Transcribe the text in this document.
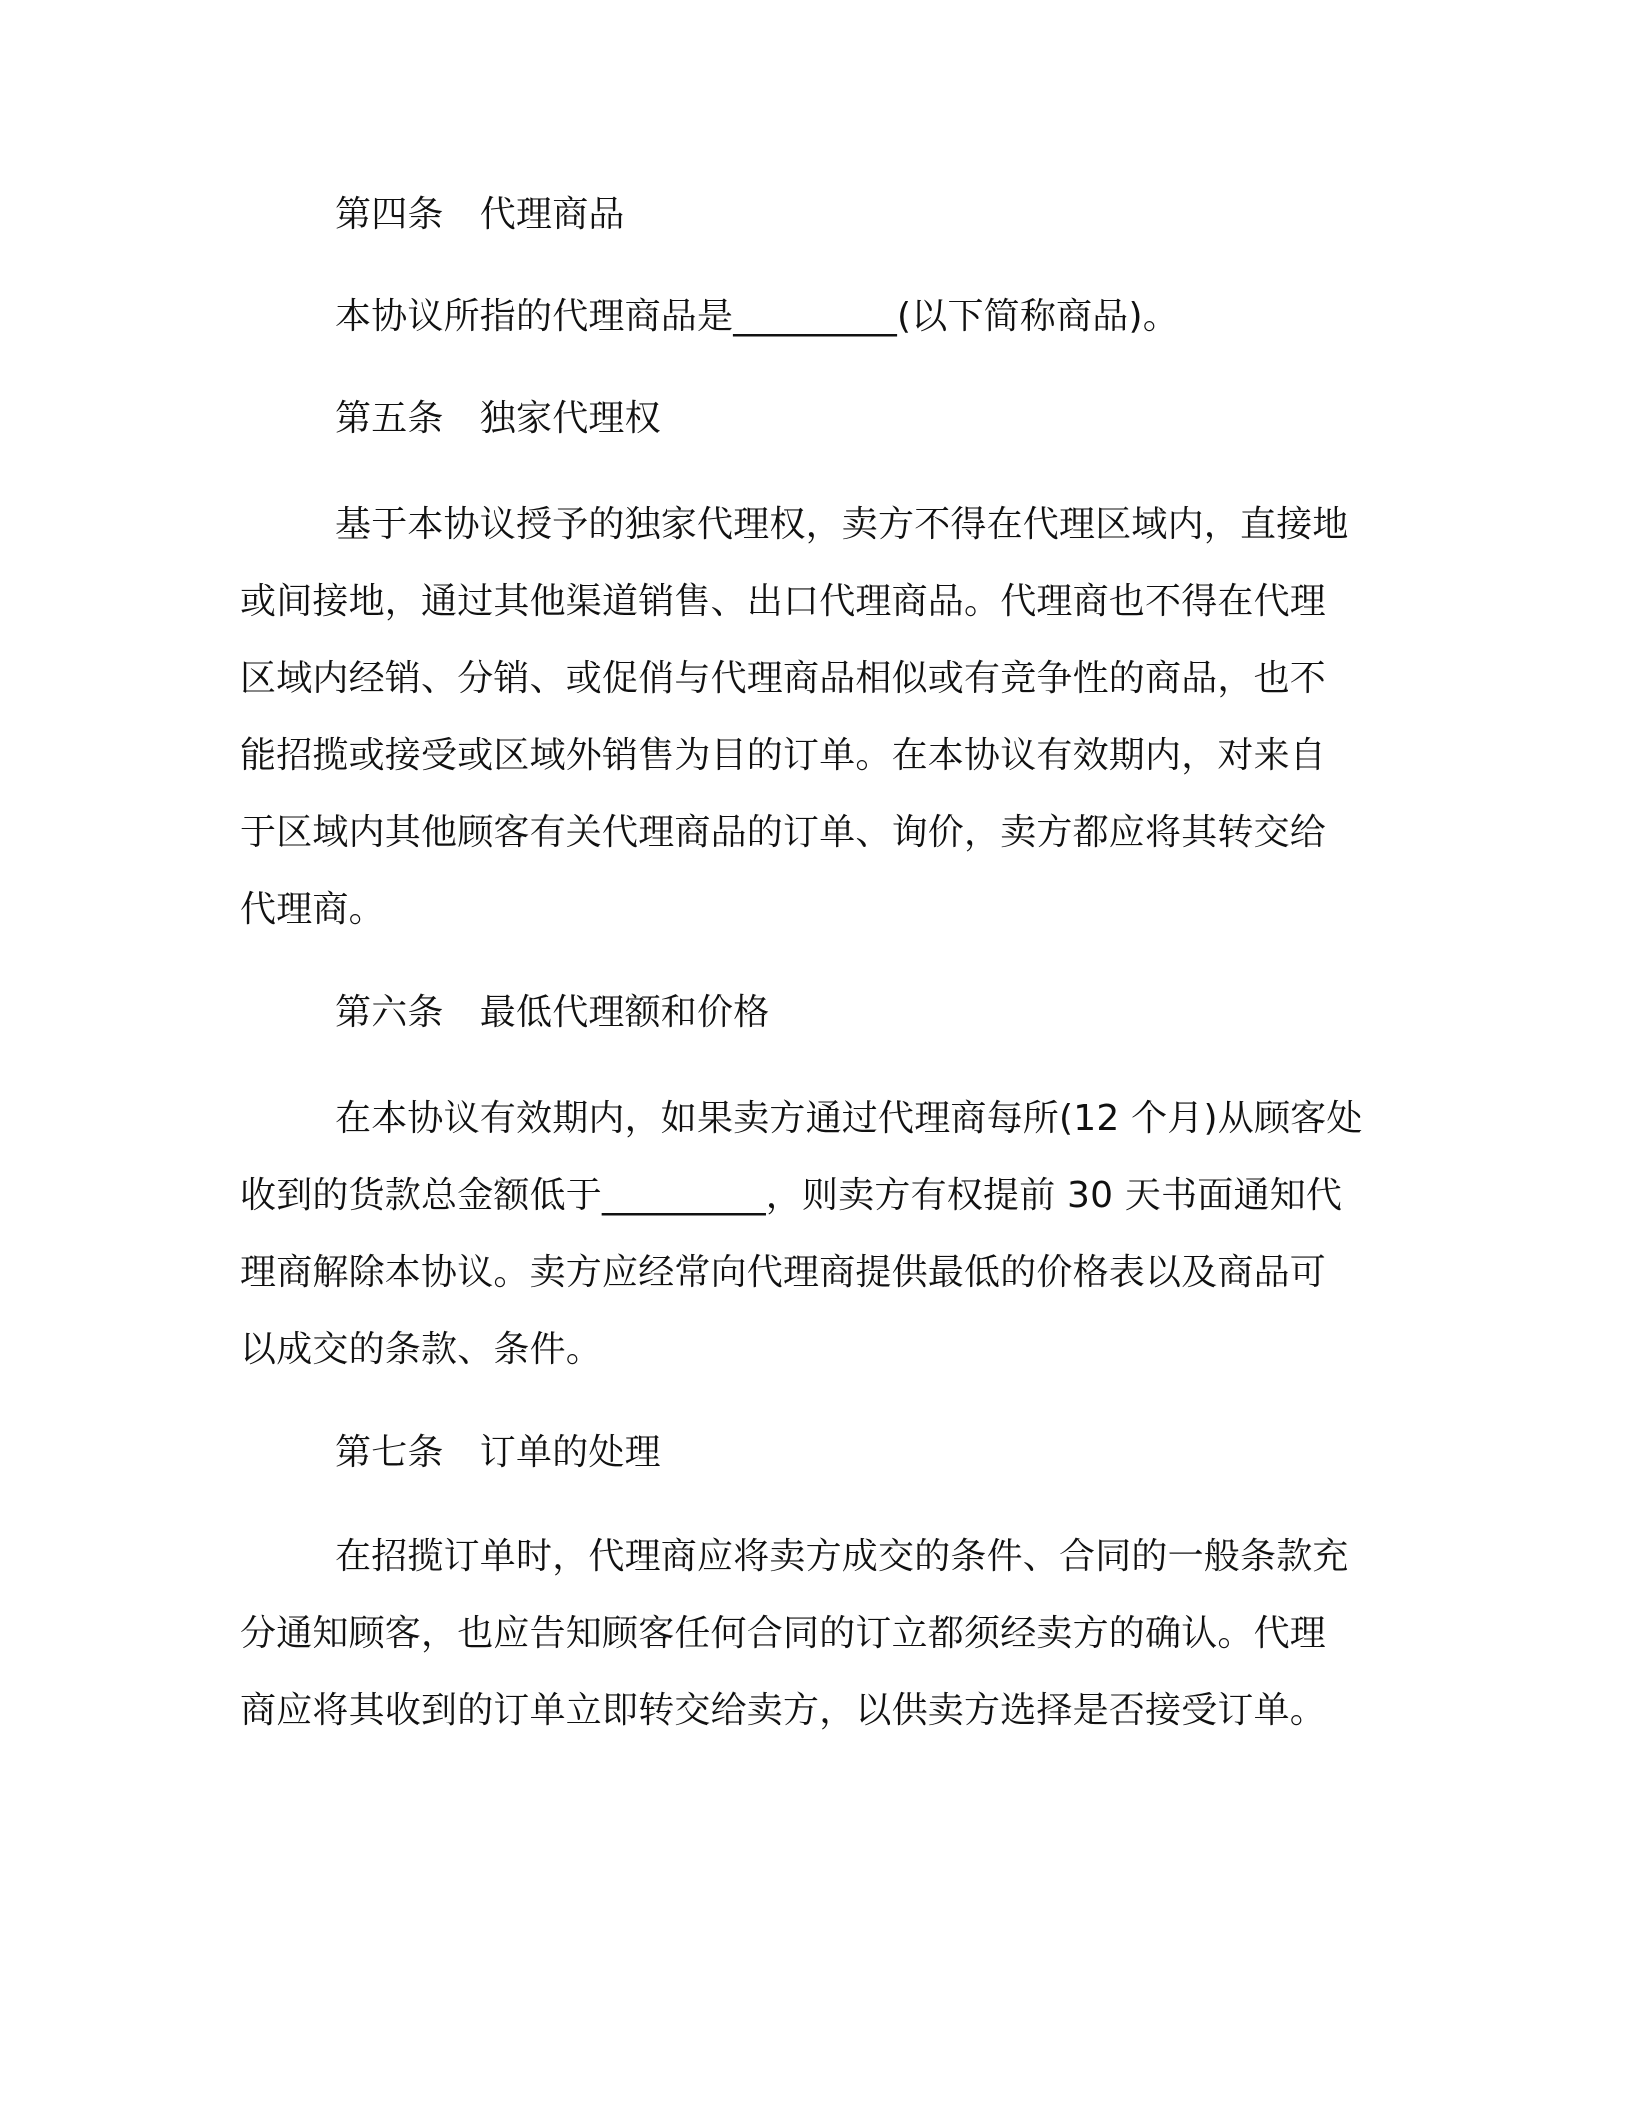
第四条　代理商品
本协议所指的代理商品是_________(以下简称商品)。
第五条　独家代理权
基于本协议授予的独家代理权，卖方不得在代理区域内，直接地
或间接地，通过其他渠道销售、出口代理商品。代理商也不得在代理
区域内经销、分销、或促俏与代理商品相似或有竞争性的商品，也不
能招揽或接受或区域外销售为目的订单。在本协议有效期内，对来自
于区域内其他顾客有关代理商品的订单、询价，卖方都应将其转交给
代理商。
第六条　最低代理额和价格
在本协议有效期内，如果卖方通过代理商每所(12 个月)从顾客处
收到的货款总金额低于_________，则卖方有权提前 30 天书面通知代
理商解除本协议。卖方应经常向代理商提供最低的价格表以及商品可
以成交的条款、条件。
第七条　订单的处理
在招揽订单时，代理商应将卖方成交的条件、合同的一般条款充
分通知顾客，也应告知顾客任何合同的订立都须经卖方的确认。代理
商应将其收到的订单立即转交给卖方，以供卖方选择是否接受订单。
